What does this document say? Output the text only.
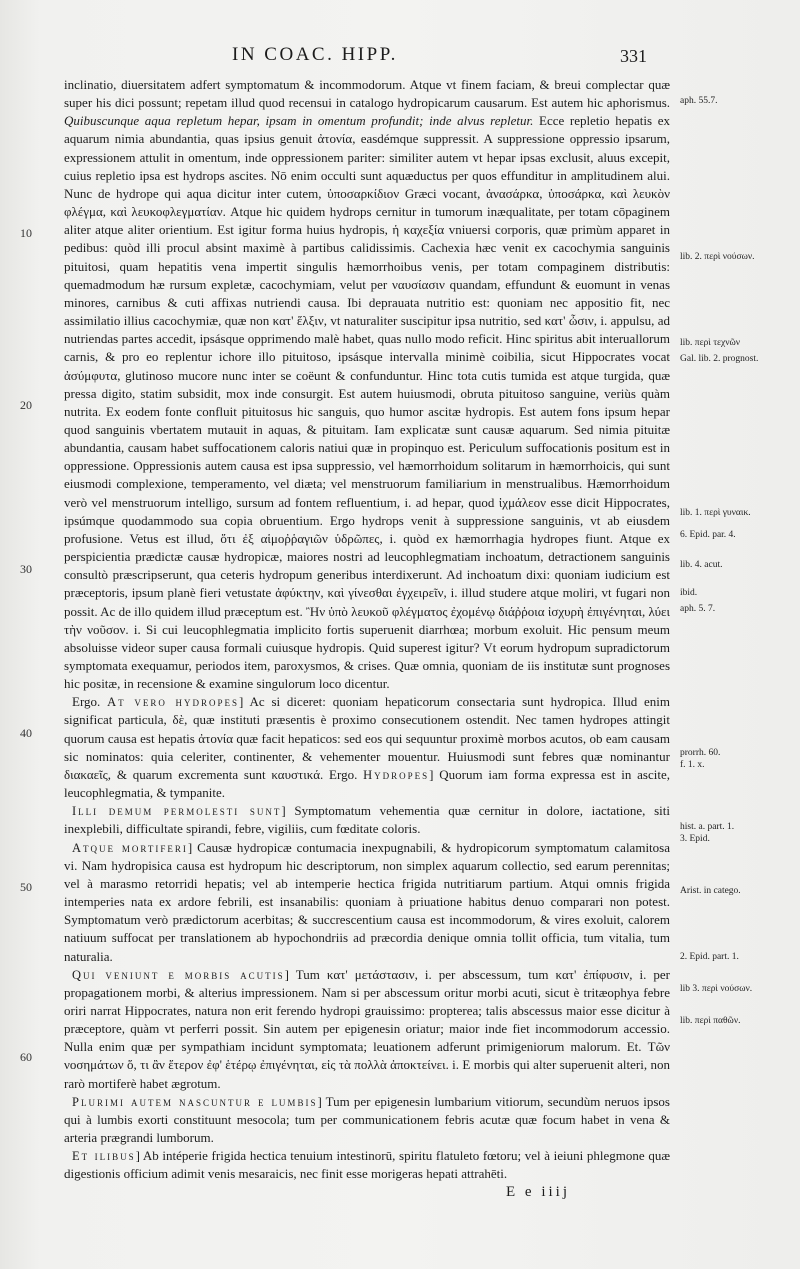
IN COAC. HIPP.	331
10
20
30
40
50
60

inclinatio, diuersitatem adfert symptomatum & incommodorum. Atque vt finem faciam, & breui complectar quæ super his dici possunt; repetam illud quod recensui in catalogo hydropicarum causarum. Est autem hic aphorismus. Quibuscunque aqua repletum hepar, ipsam in omentum profundit; inde alvus repletur. Ecce repletio hepatis ex aquarum nimia abundantia, quas ipsius genuit ἀτονία, easdémque suppressit. A suppressione oppressio ipsarum, expressionem attulit in omentum, inde oppressionem pariter: similiter autem vt hepar ipsas exclusit, aluus excepit, cuius repletio ipsa est hydrops ascites. Nō enim occulti sunt aquæductus per quos effunditur in amplitudinem alui. Nunc de hydrope qui aqua dicitur inter cutem, ὑποσαρκίδιον Græci vocant, ἀνασάρκα, ὑποσάρκα, καὶ λευκὸν φλέγμα, καὶ λευκοφλεγματίαν. Atque hic quidem hydrops cernitur in tumorum inæqualitate, per totam cōpaginem aliter atque aliter orientium. Est igitur forma huius hydropis, ἡ καχεξία vniuersi corporis, quæ primùm apparet in pedibus: quòd illi procul absint maximè à partibus calidissimis. Cachexia hæc venit ex cacochymia sanguinis pituitosi, quam hepatitis vena impertit singulis hæmorrhoibus venis, per totam compaginem distributis: quemadmodum hæ rursum expletæ, cacochymiam, velut per ναυσίασιν quandam, effundunt & euomunt in venas minores, carnibus & cuti affixas nutriendi causa. Ibi deprauata nutritio est: quoniam nec appositio fit, nec assimilatio illius cacochymiæ, quæ non κατ' ἕλξιν, vt naturaliter suscipitur ipsa nutritio, sed κατ' ὦσιν, i. appulsu, ad nutriendas partes accedit, ipsásque opprimendo malè habet, quas nullo modo reficit. Hinc spiritus abit interuallorum carnis, & pro eo replentur ichore illo pituitoso, ipsásque intervalla minimè coibilia, sicut Hippocrates vocat ἀσύμφυτα, glutinoso mucore nunc inter se coëunt & confunduntur. Hinc tota cutis tumida est atque turgida, quæ pressa digito, statim subsidit, mox inde consurgit. Est autem huiusmodi, obruta pituitoso sanguine, veriùs quàm nutrita. Ex eodem fonte confluit pituitosus hic sanguis, quo humor ascitæ hydropis. Est autem fons ipsum hepar quod sanguinis vbertatem mutauit in aquas, & pituitam. Iam explicatæ sunt causæ aquarum. Sed nimia pituitæ abundantia, causam habet suffocationem caloris natiui quæ in propinquo est. Periculum suffocationis positum est in oppressione. Oppressionis autem causa est ipsa suppressio, vel hæmorrhoidum solitarum in hæmorrhoicis, qui sunt eiusmodi complexione, temperamento, vel diæta; vel menstruorum familiarium in menstrualibus. Hæmorrhoidum verò vel menstruorum intelligo, sursum ad fontem refluentium, i. ad hepar, quod ἰχμάλεον esse dicit Hippocrates, ipsúmque quodammodo sua copia obruentium. Ergo hydrops venit à suppressione sanguinis, vt ab eiusdem profusione. Vetus est illud, ὅτι ἐξ αἱμοῤῥαγιῶν ὑδρῶπες, i. quòd ex hæmorrhagia hydropes fiunt. Atque ex perspicientia prædictæ causæ hydropicæ, maiores nostri ad leucophlegmatiam inchoatum, detractionem sanguinis consultò præscripserunt, qua ceteris hydropum generibus interdixerunt. Ad inchoatum dixi: quoniam iudicium est præceptoris, ipsum planè fieri vetustate ἀφύκτην, καὶ γίνεσθαι ἐγχειρεῖν, i. illud studere atque moliri, vt fugari non possit. Ac de illo quidem illud præceptum est. Ἢν ὑπὸ λευκοῦ φλέγματος ἐχομένῳ διάῤῥοια ἰσχυρὴ ἐπιγένηται, λύει τὴν νοῦσον. i. Si cui leucophlegmatia implicito fortis superuenit diarrhœa; morbum exoluit. Hic pensum meum absoluisse videor super causa formali cuiusque hydropis. Quid superest igitur? Vt eorum hydropum supradictorum symptomata exequamur, periodos item, paroxysmos, & crises. Quæ omnia, quoniam de iis institutæ sunt prognoses hic positæ, in recensione & examine singulorum loco dicentur.

Ergo. At vero hydropes] Ac si diceret: quoniam hepaticorum consectaria sunt hydropica. Illud enim significat particula, δὲ, quæ instituti præsentis è proximo consecutionem ostendit. Nec tamen hydropes attingit quorum causa est hepatis ἀτονία quæ facit hepaticos: sed eos qui sequuntur proximè morbos acutos, ob eam causam sic nominatos: quia celeriter, continenter, & vehementer mouentur. Huiusmodi sunt febres quæ nominantur διακαεῖς, & quarum excrementa sunt καυστικά. Ergo. Hydropes] Quorum iam forma expressa est in ascite, leucophlegmatia, & tympanite.

Illi demum permolesti sunt] Symptomatum vehementia quæ cernitur in dolore, iactatione, siti inexplebili, difficultate spirandi, febre, vigiliis, cum fœditate coloris.

Atque mortiferi] Causæ hydropicæ contumacia inexpugnabili, & hydropicorum symptomatum calamitosa vi. Nam hydropisica causa est hydropum hic descriptorum, non simplex aquarum collectio, sed earum perennitas; vel à marasmo retorridi hepatis; vel ab intemperie hectica frigida nutritiarum partium. Atqui omnis frigida intemperies nata ex ardore febrili, est insanabilis: quoniam à priuatione habitus denuo comparari non potest. Symptomatum verò prædictorum acerbitas; & succrescentium causa est incommodorum, & vires exoluit, calorem natiuum suffocat per translationem ab hypochondriis ad præcordia denique omnia tollit officia, tum vitalia, tum naturalia.

Qui veniunt e morbis acutis] Tum κατ' μετάστασιν, i. per abscessum, tum κατ' ἐπίφυσιν, i. per propagationem morbi, & alterius impressionem. Nam si per abscessum oritur morbi acuti, sicut è tritæophya febre oriri narrat Hippocrates, natura non erit ferendo hydropi grauissimo: propterea; talis abscessus maior esse dicitur à præceptore, quàm vt perferri possit. Sin autem per epigenesin oriatur; maior inde fiet incommodorum accessio. Nulla enim quæ per sympathiam incidunt symptomata; leuationem adferunt primigeniorum malorum. Et. Τῶν νοσημάτων ὅ, τι ἂν ἕτερον ἐφ' ἑτέρῳ ἐπιγένηται, εἰς τὰ πολλὰ ἀποκτείνει. i. E morbis qui alter superuenit alteri, non rarò mortiferè habet ægrotum.

Plurimi autem nascuntur e lumbis] Tum per epigenesin lumbarium vitiorum, secundùm neruos ipsos qui à lumbis exorti constituunt mesocola; tum per communicationem febris acutæ quæ focum habet in vena & arteria prægrandi lumborum.

Et ilibus] Ab intéperie frigida hectica tenuium intestinorū, spiritu flatuleto fœtoru; vel à ieiuni phlegmone quæ digestionis officium adimit venis mesaraicis, nec finit esse morigeras hepati attrahēti.

aph. 55.7.
lib. 2. περὶ νούσων.
lib. περὶ τεχνῶν
Gal. lib. 2. prognost.
lib. 1. περὶ γυναικ.
6. Epid. par. 4.
lib. 4. acut.
ibid.
aph. 5. 7.
prorrh. 60.
f. 1. x.
hist. a. part. 1.
3. Epid.
Arist. in catego.
2. Epid. part. 1.
lib 3. περὶ νούσων.
lib. περὶ παθῶν.
E e iiij
